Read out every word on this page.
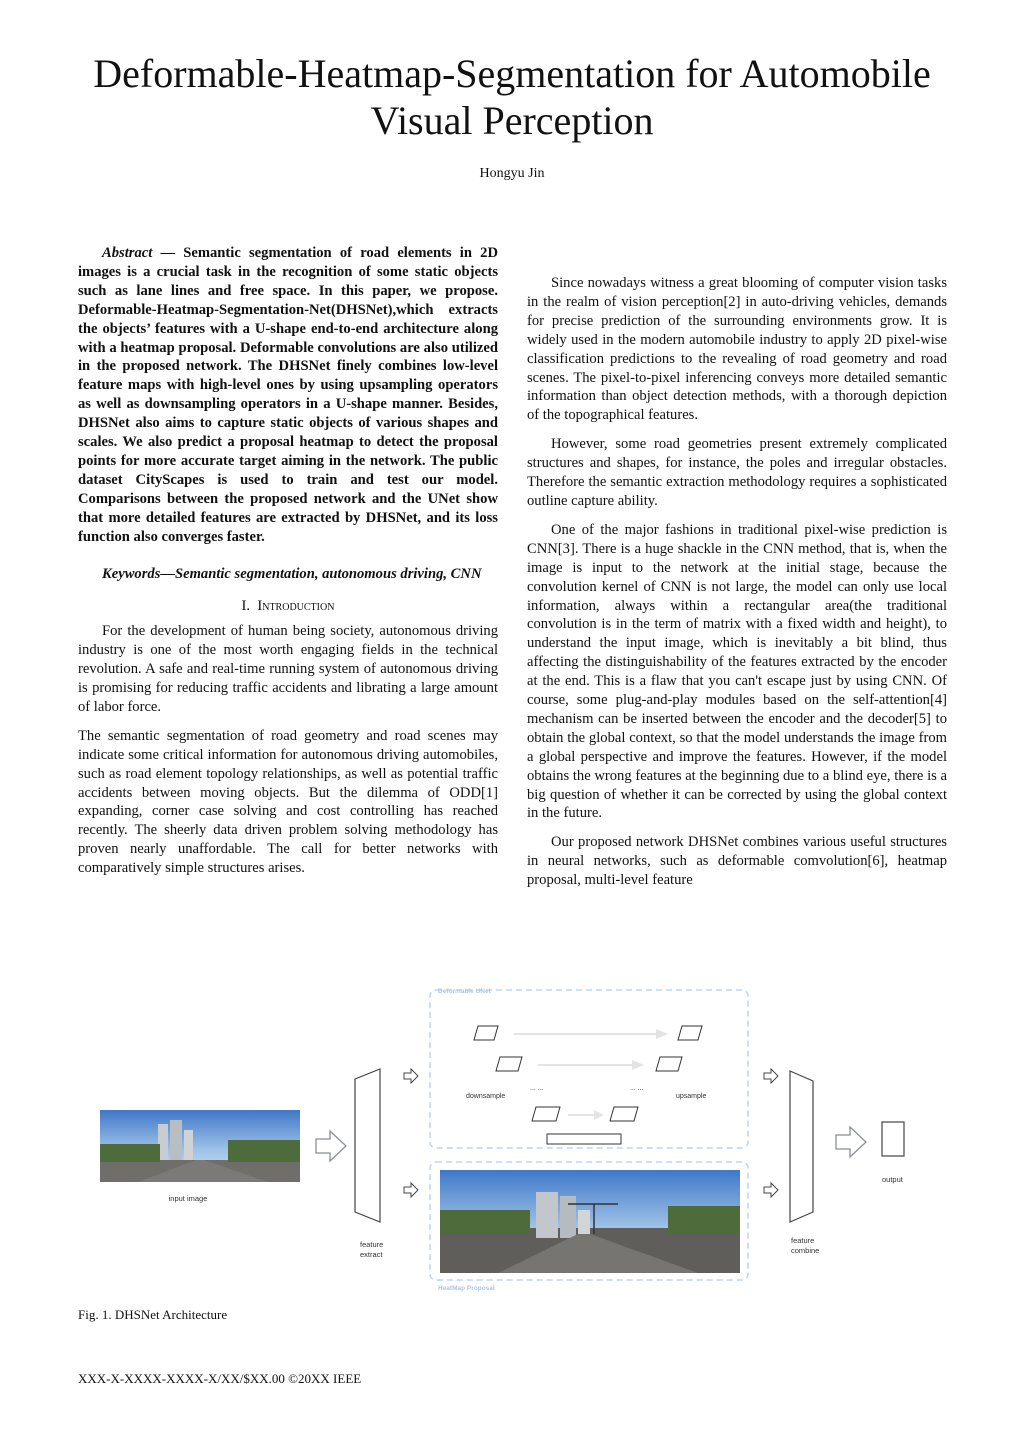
Deformable-Heatmap-Segmentation for Automobile Visual Perception
Hongyu Jin

Abstract — Semantic segmentation of road elements in 2D images is a crucial task in the recognition of some static objects such as lane lines and free space. In this paper, we propose. Deformable-Heatmap-Segmentation-Net(DHSNet),which extracts the objects’ features with a U-shape end-to-end architecture along with a heatmap proposal. Deformable convolutions are also utilized in the proposed network. The DHSNet finely combines low-level feature maps with high-level ones by using upsampling operators as well as downsampling operators in a U-shape manner. Besides, DHSNet also aims to capture static objects of various shapes and scales. We also predict a proposal heatmap to detect the proposal points for more accurate target aiming in the network. The public dataset CityScapes is used to train and test our model. Comparisons between the proposed network and the UNet show that more detailed features are extracted by DHSNet, and its loss function also converges faster.

Keywords—Semantic segmentation, autonomous driving, CNN

I. Introduction

For the development of human being society, autonomous driving industry is one of the most worth engaging fields in the technical revolution. A safe and real-time running system of autonomous driving is promising for reducing traffic accidents and librating a large amount of labor force.

The semantic segmentation of road geometry and road scenes may indicate some critical information for autonomous driving automobiles, such as road element topology relationships, as well as potential traffic accidents between moving objects. But the dilemma of ODD[1] expanding, corner case solving and cost controlling has reached recently. The sheerly data driven problem solving methodology has proven nearly unaffordable. The call for better networks with comparatively simple structures arises.

Since nowadays witness a great blooming of computer vision tasks in the realm of vision perception[2] in auto-driving vehicles, demands for precise prediction of the surrounding environments grow. It is widely used in the modern automobile industry to apply 2D pixel-wise classification predictions to the revealing of road geometry and road scenes. The pixel-to-pixel inferencing conveys more detailed semantic information than object detection methods, with a thorough depiction of the topographical features.

However, some road geometries present extremely complicated structures and shapes, for instance, the poles and irregular obstacles. Therefore the semantic extraction methodology requires a sophisticated outline capture ability.

One of the major fashions in traditional pixel-wise prediction is CNN[3]. There is a huge shackle in the CNN method, that is, when the image is input to the network at the initial stage, because the convolution kernel of CNN is not large, the model can only use local information, always within a rectangular area(the traditional convolution is in the term of matrix with a fixed width and height), to understand the input image, which is inevitably a bit blind, thus affecting the distinguishability of the features extracted by the encoder at the end. This is a flaw that you can't escape just by using CNN. Of course, some plug-and-play modules based on the self-attention[4] mechanism can be inserted between the encoder and the decoder[5] to obtain the global context, so that the model understands the image from a global perspective and improve the features. However, if the model obtains the wrong features at the beginning due to a blind eye, there is a big question of whether it can be corrected by using the global context in the future.

Our proposed network DHSNet combines various useful structures in neural networks, such as deformable comvolution[6], heatmap proposal, multi-level feature

input image
feature
extract
Deformable UNet
... ...	... ...
downsample	upsample
HeatMap Proposal
feature
combine
output
Fig. 1. DHSNet Architecture
XXX-X-XXXX-XXXX-X/XX/$XX.00 ©20XX IEEE
